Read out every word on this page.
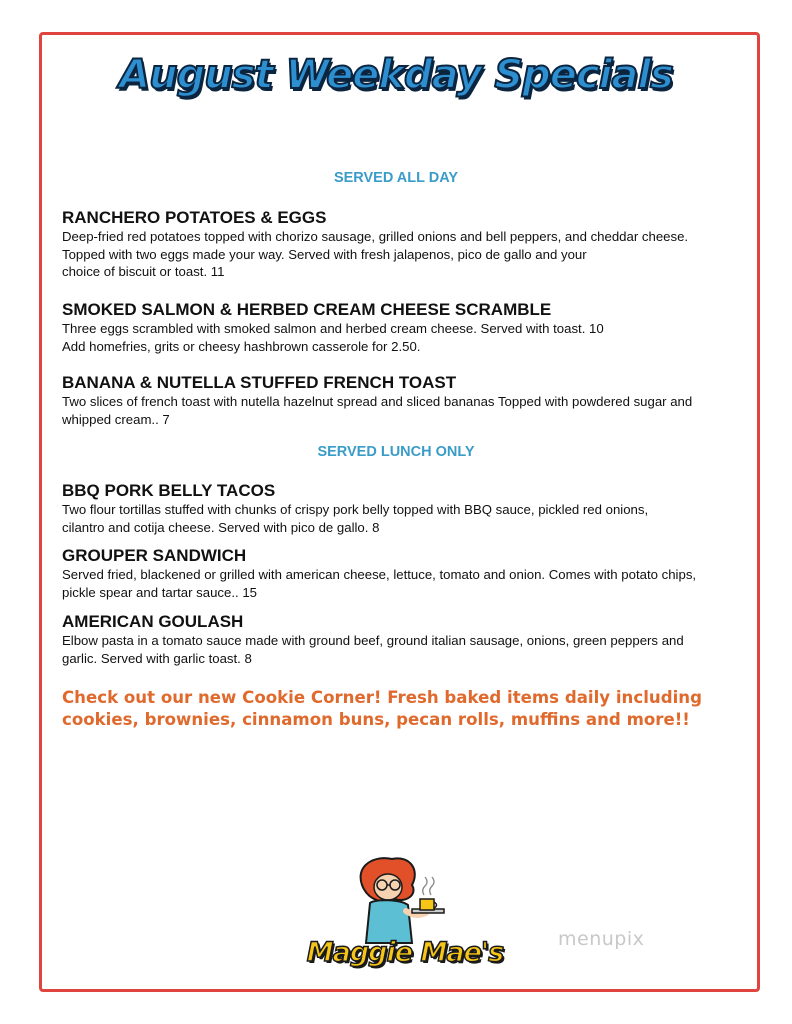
August Weekday Specials
SERVED ALL DAY
RANCHERO POTATOES & EGGS

Deep-fried red potatoes topped with chorizo sausage, grilled onions and bell peppers, and cheddar cheese.
Topped with two eggs made your way. Served with fresh jalapenos, pico de gallo and your
choice of biscuit or toast. 11

SMOKED SALMON & HERBED CREAM CHEESE SCRAMBLE

Three eggs scrambled with smoked salmon and herbed cream cheese. Served with toast. 10
Add homefries, grits or cheesy hashbrown casserole for 2.50.

BANANA & NUTELLA STUFFED FRENCH TOAST

Two slices of french toast with nutella hazelnut spread and sliced bananas Topped with powdered sugar and
whipped cream.. 7

SERVED LUNCH ONLY
BBQ PORK BELLY TACOS

Two flour tortillas stuffed with chunks of crispy pork belly topped with BBQ sauce, pickled red onions,
cilantro and cotija cheese. Served with pico de gallo. 8

GROUPER SANDWICH

Served fried, blackened or grilled with american cheese, lettuce, tomato and onion. Comes with potato chips,
pickle spear and tartar sauce.. 15

AMERICAN GOULASH

Elbow pasta in a tomato sauce made with ground beef, ground italian sausage, onions, green peppers and
garlic. Served with garlic toast. 8

Check out our new Cookie Corner! Fresh baked items daily including
cookies, brownies, cinnamon buns, pecan rolls, muffins and more!!
Maggie Mae's	menupix
